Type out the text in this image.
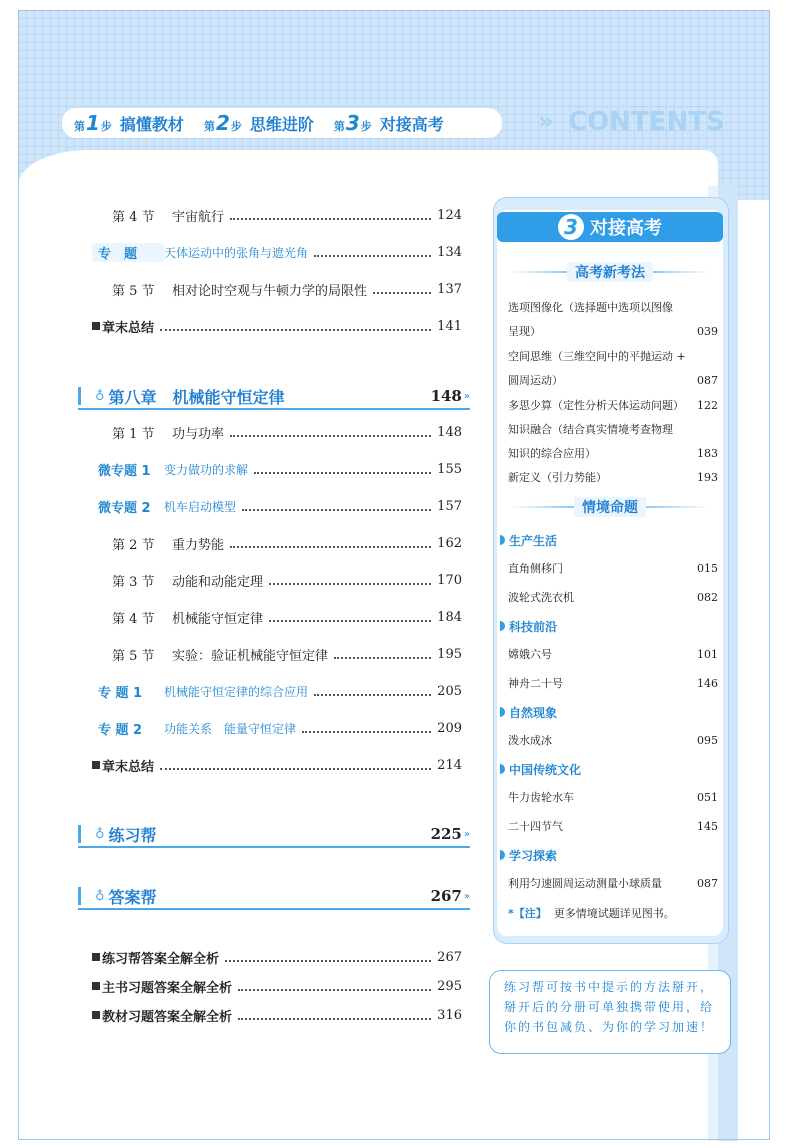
第 1 步 搞懂教材 第 2 步 思维进阶 第 3 步 对接高考	» CONTENTS
第 4 节	宇宙航行	124
专　题	天体运动中的张角与遮光角	134
第 5 节	相对论时空观与牛顿力学的局限性	137
章末总结	141
♁ 第八章　机械能守恒定律	148 »
第 1 节	功与功率	148
微专题 1	变力做功的求解	155
微专题 2	机车启动模型	157
第 2 节	重力势能	162
第 3 节	动能和动能定理	170
第 4 节	机械能守恒定律	184
第 5 节	实验：验证机械能守恒定律	195
专 题 1	机械能守恒定律的综合应用	205
专 题 2	功能关系　能量守恒定律	209
章末总结	214
♁ 练习帮	225 »
♁ 答案帮	267 »
练习帮答案全解全析	267
主书习题答案全解全析	295
教材习题答案全解全析	316
3 对接高考
高考新考法
选项图像化（选择题中选项以图像
呈现）	039
空间思维（三维空间中的平抛运动 +
圆周运动）	087
多思少算（定性分析天体运动问题） 122
知识融合（结合真实情境考查物理
知识的综合应用）	183
新定义（引力势能）	193
情境命题
生产生活
直角侧移门	015
波轮式洗衣机	082
科技前沿
嫦娥六号	101
神舟二十号	146
自然现象
泼水成冰	095
中国传统文化
牛力齿轮水车	051
二十四节气	145
学习探索
利用匀速圆周运动测量小球质量	087
*【注】 更多情境试题详见图书。
练习帮可按书中提示的方法掰开，掰开后的分册可单独携带使用，给你的书包减负、为你的学习加速！
